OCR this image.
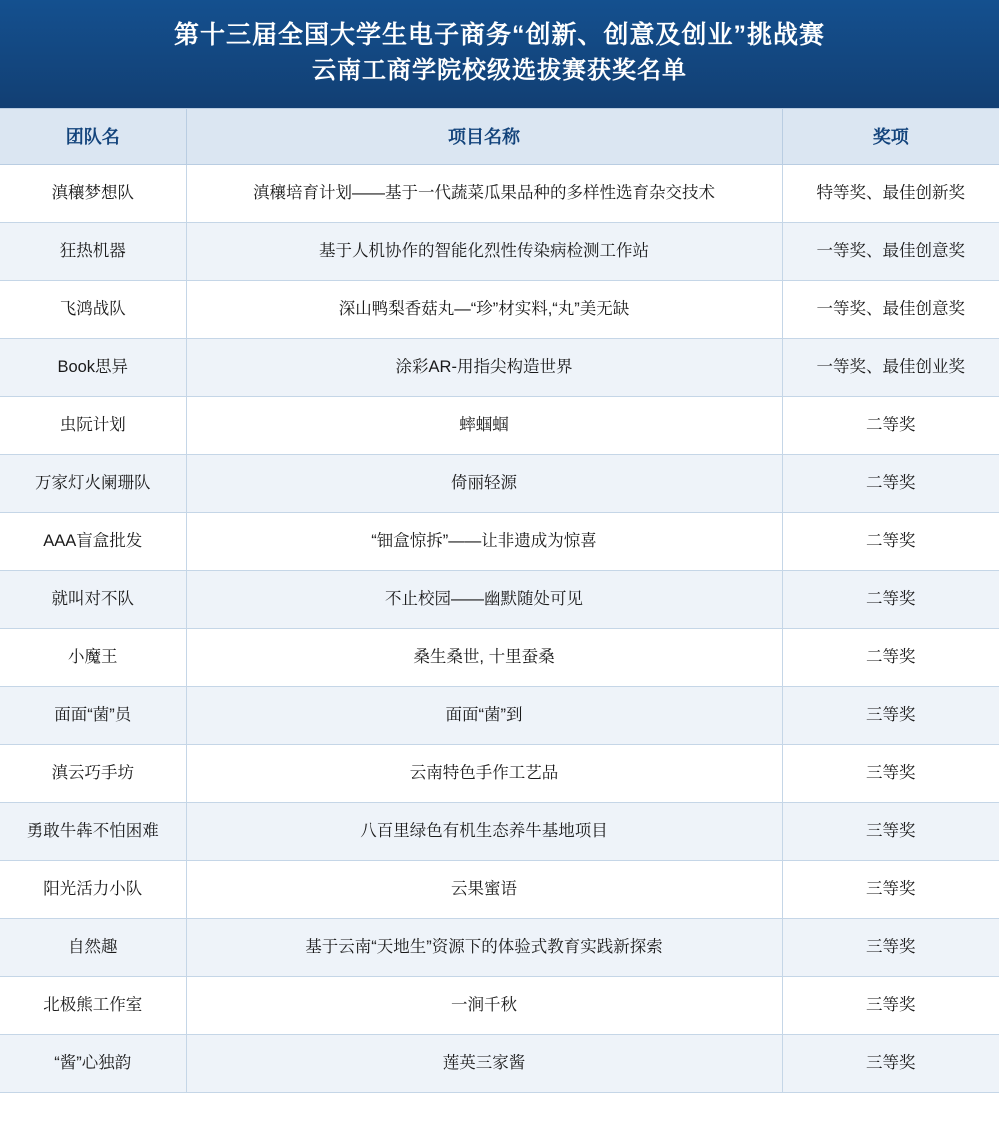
第十三届全国大学生电子商务“创新、创意及创业”挑战赛
云南工商学院校级选拔赛获奖名单
团队名	项目名称	奖项
滇穰梦想队	滇穰培育计划——基于一代蔬菜瓜果品种的多样性选育杂交技术	特等奖、最佳创新奖
狂热机器	基于人机协作的智能化烈性传染病检测工作站	一等奖、最佳创意奖
飞鸿战队	深山鸭梨香菇丸—“珍”材实料,“丸”美无缺	一等奖、最佳创意奖
Book思异	涂彩AR-用指尖构造世界	一等奖、最佳创业奖
虫阮计划	蟀蝈蝈	二等奖
万家灯火阑珊队	倚丽轻源	二等奖
AAA盲盒批发	“钿盒惊拆”——让非遗成为惊喜	二等奖
就叫对不队	不止校园——幽默随处可见	二等奖
小魔王	桑生桑世, 十里蚕桑	二等奖
面面“菌”员	面面“菌”到	三等奖
滇云巧手坊	云南特色手作工艺品	三等奖
勇敢牛犇不怕困难	八百里绿色有机生态养牛基地项目	三等奖
阳光活力小队	云果蜜语	三等奖
自然趣	基于云南“天地生”资源下的体验式教育实践新探索	三等奖
北极熊工作室	一涧千秋	三等奖
“酱”心独韵	莲英三家酱	三等奖
